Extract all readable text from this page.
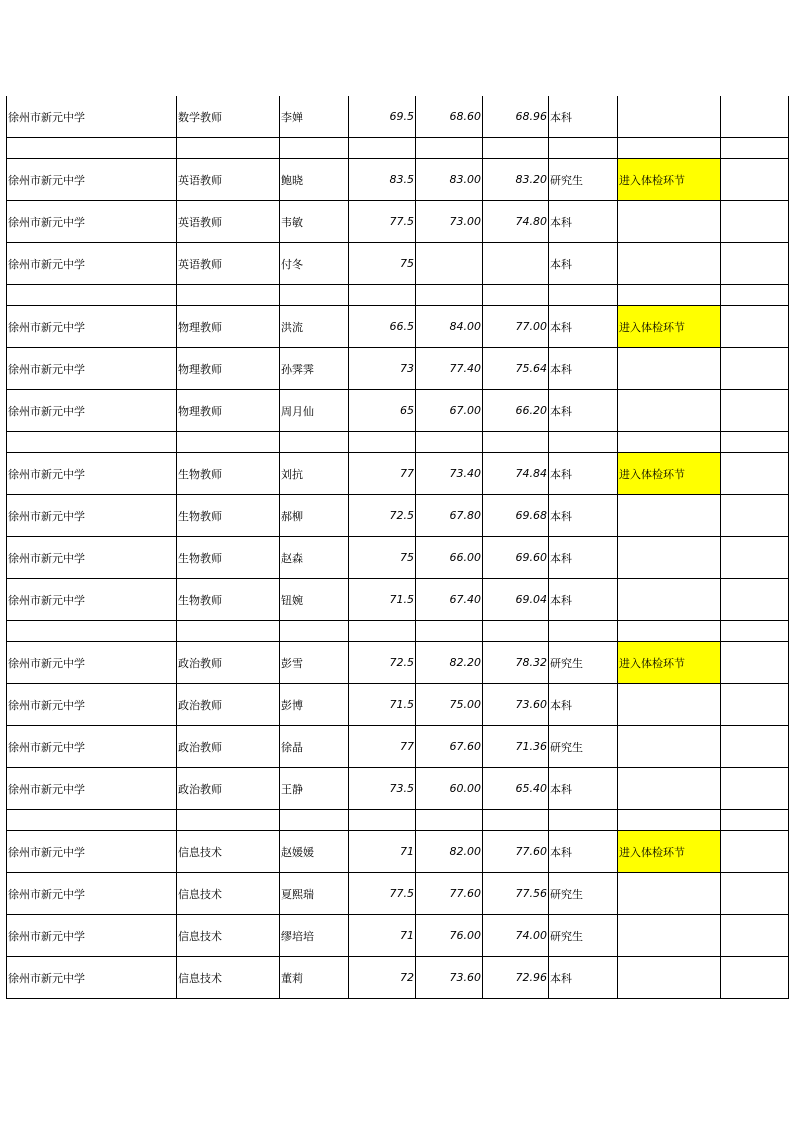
徐州市新元中学	数学教师	李婵	69.5	68.60	68.96	本科		

徐州市新元中学	英语教师	鲍晓	83.5	83.00	83.20	研究生	进入体检环节	
徐州市新元中学	英语教师	韦敏	77.5	73.00	74.80	本科		
徐州市新元中学	英语教师	付冬	75			本科		

徐州市新元中学	物理教师	洪流	66.5	84.00	77.00	本科	进入体检环节	
徐州市新元中学	物理教师	孙霁霁	73	77.40	75.64	本科		
徐州市新元中学	物理教师	周月仙	65	67.00	66.20	本科		

徐州市新元中学	生物教师	刘抗	77	73.40	74.84	本科	进入体检环节	
徐州市新元中学	生物教师	郝柳	72.5	67.80	69.68	本科		
徐州市新元中学	生物教师	赵森	75	66.00	69.60	本科		
徐州市新元中学	生物教师	钮婉	71.5	67.40	69.04	本科		

徐州市新元中学	政治教师	彭雪	72.5	82.20	78.32	研究生	进入体检环节	
徐州市新元中学	政治教师	彭博	71.5	75.00	73.60	本科		
徐州市新元中学	政治教师	徐晶	77	67.60	71.36	研究生		
徐州市新元中学	政治教师	王静	73.5	60.00	65.40	本科		

徐州市新元中学	信息技术	赵媛媛	71	82.00	77.60	本科	进入体检环节	
徐州市新元中学	信息技术	夏熙瑞	77.5	77.60	77.56	研究生		
徐州市新元中学	信息技术	缪培培	71	76.00	74.00	研究生		
徐州市新元中学	信息技术	董莉	72	73.60	72.96	本科		
